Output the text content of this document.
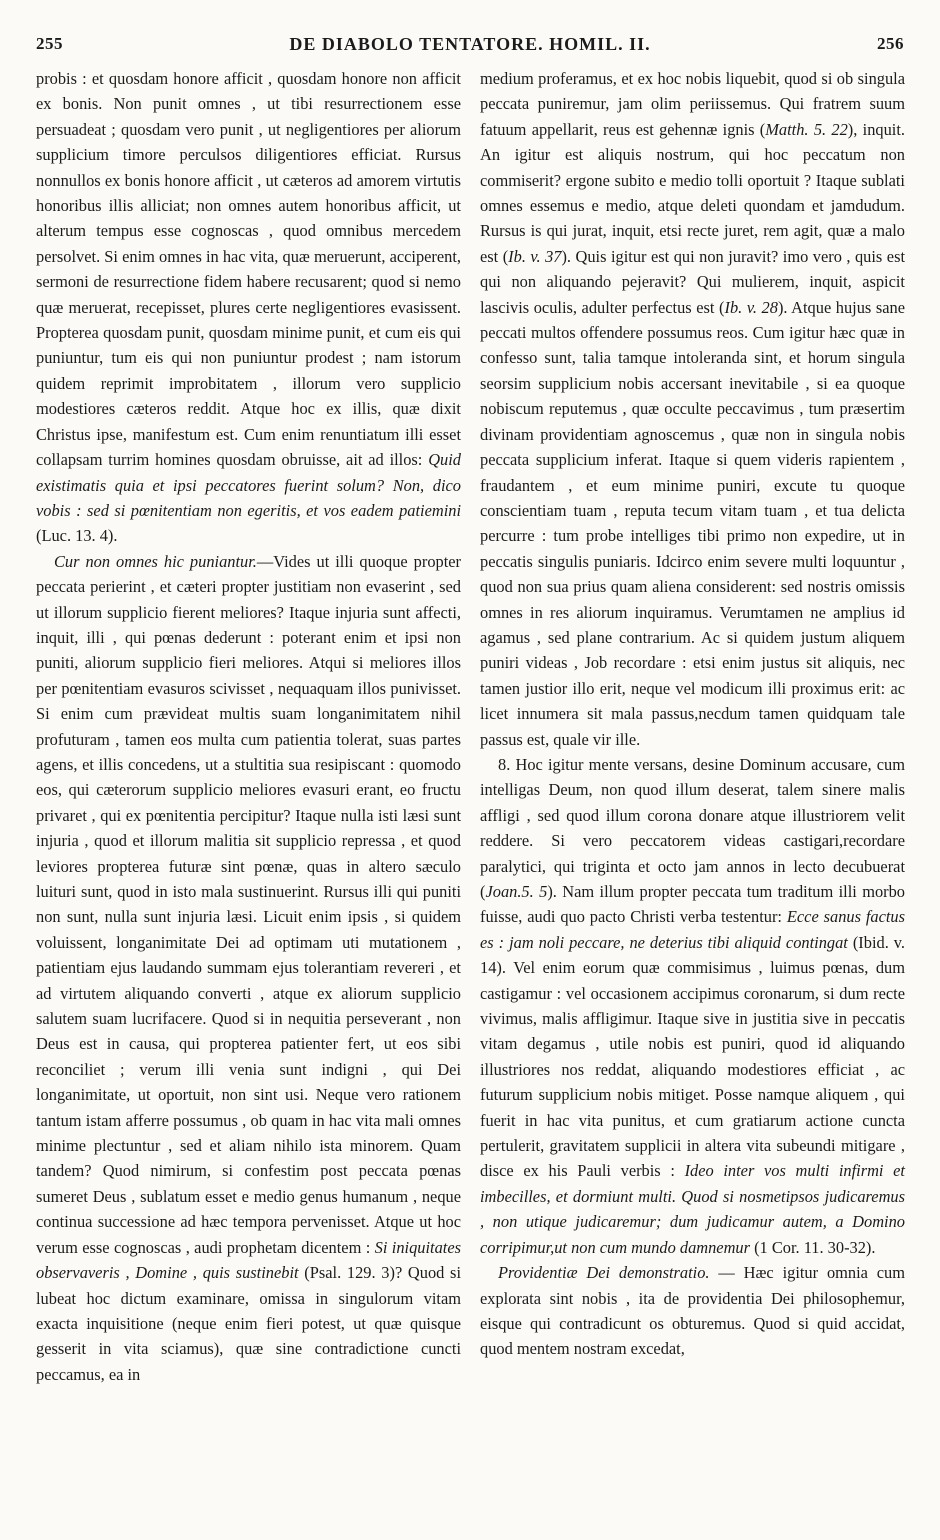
255	DE DIABOLO TENTATORE. HOMIL. II.	256

probis : et quosdam honore afficit , quosdam honore non afficit ex bonis. Non punit omnes , ut tibi resurrectionem esse persuadeat ; quosdam vero punit , ut negligentiores per aliorum supplicium timore perculsos diligentiores efficiat. Rursus nonnullos ex bonis honore afficit , ut cæteros ad amorem virtutis honoribus illis alliciat; non omnes autem honoribus afficit, ut alterum tempus esse cognoscas , quod omnibus mercedem persolvet. Si enim omnes in hac vita, quæ meruerunt, acciperent, sermoni de resurrectione fidem habere recusarent; quod si nemo quæ meruerat, recepisset, plures certe negligentiores evasissent. Propterea quosdam punit, quosdam minime punit, et cum eis qui puniuntur, tum eis qui non puniuntur prodest ; nam istorum quidem reprimit improbitatem , illorum vero supplicio modestiores cæteros reddit. Atque hoc ex illis, quæ dixit Christus ipse, manifestum est. Cum enim renuntiatum illi esset collapsam turrim homines quosdam obruisse, ait ad illos: Quid existimatis quia et ipsi peccatores fuerint solum? Non, dico vobis : sed si pœnitentiam non egeritis, et vos eadem patiemini (Luc. 13. 4).

Cur non omnes hic puniantur.—Vides ut illi quoque propter peccata perierint , et cæteri propter justitiam non evaserint , sed ut illorum supplicio fierent meliores? Itaque injuria sunt affecti, inquit, illi , qui pœnas dederunt : poterant enim et ipsi non puniti, aliorum supplicio fieri meliores. Atqui si meliores illos per pœnitentiam evasuros scivisset , nequaquam illos punivisset. Si enim cum prævideat multis suam longanimitatem nihil profuturam , tamen eos multa cum patientia tolerat, suas partes agens, et illis concedens, ut a stultitia sua resipiscant : quomodo eos, qui cæterorum supplicio meliores evasuri erant, eo fructu privaret , qui ex pœnitentia percipitur? Itaque nulla isti læsi sunt injuria , quod et illorum malitia sit supplicio repressa , et quod leviores propterea futuræ sint pœnæ, quas in altero sæculo luituri sunt, quod in isto mala sustinuerint. Rursus illi qui puniti non sunt, nulla sunt injuria læsi. Licuit enim ipsis , si quidem voluissent, longanimitate Dei ad optimam uti mutationem , patientiam ejus laudando summam ejus tolerantiam revereri , et ad virtutem aliquando converti , atque ex aliorum supplicio salutem suam lucrifacere. Quod si in nequitia perseverant , non Deus est in causa, qui propterea patienter fert, ut eos sibi reconciliet ; verum illi venia sunt indigni , qui Dei longanimitate, ut oportuit, non sint usi. Neque vero rationem tantum istam afferre possumus , ob quam in hac vita mali omnes minime plectuntur , sed et aliam nihilo ista minorem. Quam tandem? Quod nimirum, si confestim post peccata pœnas sumeret Deus , sublatum esset e medio genus humanum , neque continua successione ad hæc tempora pervenisset. Atque ut hoc verum esse cognoscas , audi prophetam dicentem : Si iniquitates observaveris , Domine , quis sustinebit (Psal. 129. 3)? Quod si lubeat hoc dictum examinare, omissa in singulorum vitam exacta inquisitione (neque enim fieri potest, ut quæ quisque gesserit in vita sciamus), quæ sine contradictione cuncti peccamus, ea in

medium proferamus, et ex hoc nobis liquebit, quod si ob singula peccata puniremur, jam olim periissemus. Qui fratrem suum fatuum appellarit, reus est gehennæ ignis (Matth. 5. 22), inquit. An igitur est aliquis nostrum, qui hoc peccatum non commiserit? ergone subito e medio tolli oportuit ? Itaque sublati omnes essemus e medio, atque deleti quondam et jamdudum. Rursus is qui jurat, inquit, etsi recte juret, rem agit, quæ a malo est (Ib. v. 37). Quis igitur est qui non juravit? imo vero , quis est qui non aliquando pejeravit? Qui mulierem, inquit, aspicit lascivis oculis, adulter perfectus est (Ib. v. 28). Atque hujus sane peccati multos offendere possumus reos. Cum igitur hæc quæ in confesso sunt, talia tamque intoleranda sint, et horum singula seorsim supplicium nobis accersant inevitabile , si ea quoque nobiscum reputemus , quæ occulte peccavimus , tum præsertim divinam providentiam agnoscemus , quæ non in singula nobis peccata supplicium inferat. Itaque si quem videris rapientem , fraudantem , et eum minime puniri, excute tu quoque conscientiam tuam , reputa tecum vitam tuam , et tua delicta percurre : tum probe intelliges tibi primo non expedire, ut in peccatis singulis puniaris. Idcirco enim severe multi loquuntur , quod non sua prius quam aliena considerent: sed nostris omissis omnes in res aliorum inquiramus. Verumtamen ne amplius id agamus , sed plane contrarium. Ac si quidem justum aliquem puniri videas , Job recordare : etsi enim justus sit aliquis, nec tamen justior illo erit, neque vel modicum illi proximus erit: ac licet innumera sit mala passus,necdum tamen quidquam tale passus est, quale vir ille.

8. Hoc igitur mente versans, desine Dominum accusare, cum intelligas Deum, non quod illum deserat, talem sinere malis affligi , sed quod illum corona donare atque illustriorem velit reddere. Si vero peccatorem videas castigari,recordare paralytici, qui triginta et octo jam annos in lecto decubuerat (Joan.5. 5). Nam illum propter peccata tum traditum illi morbo fuisse, audi quo pacto Christi verba testentur: Ecce sanus factus es : jam noli peccare, ne deterius tibi aliquid contingat (Ibid. v. 14). Vel enim eorum quæ commisimus , luimus pœnas, dum castigamur : vel occasionem accipimus coronarum, si dum recte vivimus, malis affligimur. Itaque sive in justitia sive in peccatis vitam degamus , utile nobis est puniri, quod id aliquando illustriores nos reddat, aliquando modestiores efficiat , ac futurum supplicium nobis mitiget. Posse namque aliquem , qui fuerit in hac vita punitus, et cum gratiarum actione cuncta pertulerit, gravitatem supplicii in altera vita subeundi mitigare , disce ex his Pauli verbis : Ideo inter vos multi infirmi et imbecilles, et dormiunt multi. Quod si nosmetipsos judicaremus , non utique judicaremur; dum judicamur autem, a Domino corripimur,ut non cum mundo damnemur (1 Cor. 11. 30-32).

Providentiæ Dei demonstratio. — Hæc igitur omnia cum explorata sint nobis , ita de providentia Dei philosophemur, eisque qui contradicunt os obturemus. Quod si quid accidat, quod mentem nostram excedat,
